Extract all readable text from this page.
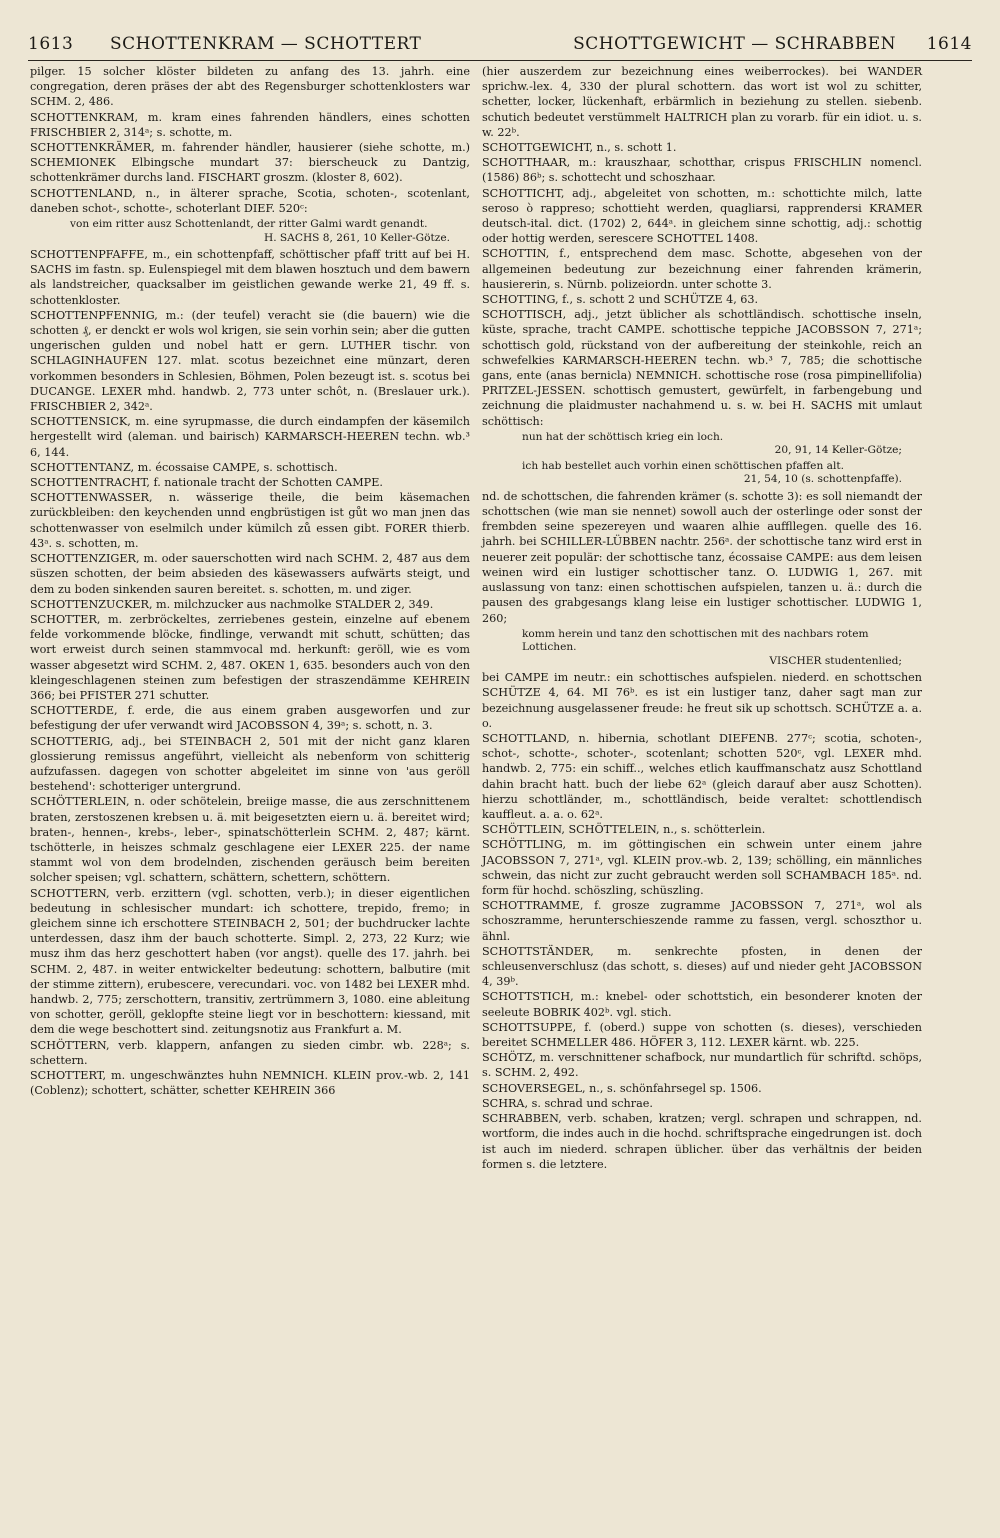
1613 SCHOTTENKRAM — SCHOTTERT	SCHOTTGEWICHT — SCHRABBEN 1614

pilger. 15 solcher klöster bildeten zu anfang des 13. jahrh. eine congregation, deren präses der abt des Regensburger schottenklosters war SCHM. 2, 486.

SCHOTTENKRAM, m. kram eines fahrenden händlers, eines schotten FRISCHBIER 2, 314ᵃ; s. schotte, m.

SCHOTTENKRÄMER, m. fahrender händler, hausierer (siehe schotte, m.) SCHEMIONEK Elbingsche mundart 37: bierscheuck zu Dantzig, schottenkrämer durchs land. FISCHART groszm. (kloster 8, 602).

SCHOTTENLAND, n., in älterer sprache, Scotia, schoten-, scotenlant, daneben schot-, schotte-, schoterlant DIEF. 520ᶜ:

von eim ritter ausz Schottenlandt, der ritter Galmi wardt genandt.
H. SACHS 8, 261, 10 Keller-Götze.

SCHOTTENPFAFFE, m., ein schottenpfaff, schöttischer pfaff tritt auf bei H. SACHS im fastn. sp. Eulenspiegel mit dem blawen hosztuch und dem bawern als landstreicher, quacksalber im geistlichen gewande werke 21, 49 ff. s. schottenkloster.

SCHOTTENPFENNIG, m.: (der teufel) veracht sie (die bauern) wie die schotten ₰, er denckt er wols wol krigen, sie sein vorhin sein; aber die gutten ungerischen gulden und nobel hatt er gern. LUTHER tischr. von SCHLAGINHAUFEN 127. mlat. scotus bezeichnet eine münzart, deren vorkommen besonders in Schlesien, Böhmen, Polen bezeugt ist. s. scotus bei DUCANGE. LEXER mhd. handwb. 2, 773 unter schôt, n. (Breslauer urk.). FRISCHBIER 2, 342ᵃ.

SCHOTTENSICK, m. eine syrupmasse, die durch eindampfen der käsemilch hergestellt wird (aleman. und bairisch) KARMARSCH-HEEREN techn. wb.³ 6, 144.

SCHOTTENTANZ, m. écossaise CAMPE, s. schottisch.

SCHOTTENTRACHT, f. nationale tracht der Schotten CAMPE.

SCHOTTENWASSER, n. wässerige theile, die beim käsemachen zurückbleiben: den keychenden unnd engbrüstigen ist gůt wo man jnen das schottenwasser von eselmilch under kümilch zů essen gibt. FORER thierb. 43ᵃ. s. schotten, m.

SCHOTTENZIGER, m. oder sauerschotten wird nach SCHM. 2, 487 aus dem süszen schotten, der beim absieden des käsewassers aufwärts steigt, und dem zu boden sinkenden sauren bereitet. s. schotten, m. und ziger.

SCHOTTENZUCKER, m. milchzucker aus nachmolke STALDER 2, 349.

SCHOTTER, m. zerbröckeltes, zerriebenes gestein, einzelne auf ebenem felde vorkommende blöcke, findlinge, verwandt mit schutt, schütten; das wort erweist durch seinen stammvocal md. herkunft: geröll, wie es vom wasser abgesetzt wird SCHM. 2, 487. OKEN 1, 635. besonders auch von den kleingeschlagenen steinen zum befestigen der straszendämme KEHREIN 366; bei PFISTER 271 schutter.

SCHOTTERDE, f. erde, die aus einem graben ausgeworfen und zur befestigung der ufer verwandt wird JACOBSSON 4, 39ᵃ; s. schott, n. 3.

SCHOTTERIG, adj., bei STEINBACH 2, 501 mit der nicht ganz klaren glossierung remissus angeführt, vielleicht als nebenform von schitterig aufzufassen. dagegen von schotter abgeleitet im sinne von 'aus geröll bestehend': schotteriger untergrund.

SCHÖTTERLEIN, n. oder schötelein, breiige masse, die aus zerschnittenem braten, zerstoszenen krebsen u. ä. mit beigesetzten eiern u. ä. bereitet wird; braten-, hennen-, krebs-, leber-, spinatschötterlein SCHM. 2, 487; kärnt. tschötterle, in heiszes schmalz geschlagene eier LEXER 225. der name stammt wol von dem brodelnden, zischenden geräusch beim bereiten solcher speisen; vgl. schattern, schättern, schettern, schöttern.

SCHOTTERN, verb. erzittern (vgl. schotten, verb.); in dieser eigentlichen bedeutung in schlesischer mundart: ich schottere, trepido, fremo; in gleichem sinne ich erschottere STEINBACH 2, 501; der buchdrucker lachte unterdessen, dasz ihm der bauch schotterte. Simpl. 2, 273, 22 Kurz; wie musz ihm das herz geschottert haben (vor angst). quelle des 17. jahrh. bei SCHM. 2, 487. in weiter entwickelter bedeutung: schottern, balbutire (mit der stimme zittern), erubescere, verecundari. voc. von 1482 bei LEXER mhd. handwb. 2, 775; zerschottern, transitiv, zertrümmern 3, 1080. eine ableitung von schotter, geröll, geklopfte steine liegt vor in beschottern: kiessand, mit dem die wege beschottert sind. zeitungsnotiz aus Frankfurt a. M.

SCHÖTTERN, verb. klappern, anfangen zu sieden cimbr. wb. 228ᵃ; s. schettern.

SCHOTTERT, m. ungeschwänztes huhn NEMNICH. KLEIN prov.-wb. 2, 141 (Coblenz); schottert, schätter, schetter KEHREIN 366

(hier auszerdem zur bezeichnung eines weiberrockes). bei WANDER sprichw.-lex. 4, 330 der plural schottern. das wort ist wol zu schitter, schetter, locker, lückenhaft, erbärmlich in beziehung zu stellen. siebenb. schutich bedeutet verstümmelt HALTRICH plan zu vorarb. für ein idiot. u. s. w. 22ᵇ.

SCHOTTGEWICHT, n., s. schott 1.

SCHOTTHAAR, m.: krauszhaar, schotthar, crispus FRISCHLIN nomencl. (1586) 86ᵇ; s. schottecht und schoszhaar.

SCHOTTICHT, adj., abgeleitet von schotten, m.: schottichte milch, latte seroso ò rappreso; schottieht werden, quagliarsi, rapprendersi KRAMER deutsch-ital. dict. (1702) 2, 644ᵃ. in gleichem sinne schottig, adj.: schottig oder hottig werden, serescere SCHOTTEL 1408.

SCHOTTIN, f., entsprechend dem masc. Schotte, abgesehen von der allgemeinen bedeutung zur bezeichnung einer fahrenden krämerin, hausiererin, s. Nürnb. polizeiordn. unter schotte 3.

SCHOTTING, f., s. schott 2 und SCHÜTZE 4, 63.

SCHOTTISCH, adj., jetzt üblicher als schottländisch. schottische inseln, küste, sprache, tracht CAMPE. schottische teppiche JACOBSSON 7, 271ᵃ; schottisch gold, rückstand von der aufbereitung der steinkohle, reich an schwefelkies KARMARSCH-HEEREN techn. wb.³ 7, 785; die schottische gans, ente (anas bernicla) NEMNICH. schottische rose (rosa pimpinellifolia) PRITZEL-JESSEN. schottisch gemustert, gewürfelt, in farbengebung und zeichnung die plaidmuster nachahmend u. s. w. bei H. SACHS mit umlaut schöttisch:

nun hat der schöttisch krieg ein loch.
20, 91, 14 Keller-Götze;
ich hab bestellet auch vorhin einen schöttischen pfaffen alt.
21, 54, 10 (s. schottenpfaffe).

nd. de schottschen, die fahrenden krämer (s. schotte 3): es soll niemandt der schottschen (wie man sie nennet) sowoll auch der osterlinge oder sonst der frembden seine spezereyen und waaren alhie auffllegen. quelle des 16. jahrh. bei SCHILLER-LÜBBEN nachtr. 256ᵃ. der schottische tanz wird erst in neuerer zeit populär: der schottische tanz, écossaise CAMPE: aus dem leisen weinen wird ein lustiger schottischer tanz. O. LUDWIG 1, 267. mit auslassung von tanz: einen schottischen aufspielen, tanzen u. ä.: durch die pausen des grabgesangs klang leise ein lustiger schottischer. LUDWIG 1, 260;

komm herein und tanz den schottischen mit des nachbars rotem Lottichen.
VISCHER studentenlied;

bei CAMPE im neutr.: ein schottisches aufspielen. niederd. en schottschen SCHÜTZE 4, 64. MI 76ᵇ. es ist ein lustiger tanz, daher sagt man zur bezeichnung ausgelassener freude: he freut sik up schottsch. SCHÜTZE a. a. o.

SCHOTTLAND, n. hibernia, schotlant DIEFENB. 277ᶜ; scotia, schoten-, schot-, schotte-, schoter-, scotenlant; schotten 520ᶜ, vgl. LEXER mhd. handwb. 2, 775: ein schiff.., welches etlich kauffmanschatz ausz Schottland dahin bracht hatt. buch der liebe 62ᵃ (gleich darauf aber ausz Schotten). hierzu schottländer, m., schottländisch, beide veraltet: schottlendisch kauffleut. a. a. o. 62ᵃ.

SCHÖTTLEIN, SCHÖTTELEIN, n., s. schötterlein.

SCHÖTTLING, m. im göttingischen ein schwein unter einem jahre JACOBSSON 7, 271ᵃ, vgl. KLEIN prov.-wb. 2, 139; schölling, ein männliches schwein, das nicht zur zucht gebraucht werden soll SCHAMBACH 185ᵃ. nd. form für hochd. schöszling, schüszling.

SCHOTTRAMME, f. grosze zugramme JACOBSSON 7, 271ᵃ, wol als schoszramme, herunterschieszende ramme zu fassen, vergl. schoszthor u. ähnl.

SCHOTTSTÄNDER, m. senkrechte pfosten, in denen der schleusenverschlusz (das schott, s. dieses) auf und nieder geht JACOBSSON 4, 39ᵇ.

SCHOTTSTICH, m.: knebel- oder schottstich, ein besonderer knoten der seeleute BOBRIK 402ᵇ. vgl. stich.

SCHOTTSUPPE, f. (oberd.) suppe von schotten (s. dieses), verschieden bereitet SCHMELLER 486. HÖFER 3, 112. LEXER kärnt. wb. 225.

SCHÖTZ, m. verschnittener schafbock, nur mundartlich für schriftd. schöps, s. SCHM. 2, 492.

SCHOVERSEGEL, n., s. schönfahrsegel sp. 1506.

SCHRA, s. schrad und schrae.

SCHRABBEN, verb. schaben, kratzen; vergl. schrapen und schrappen, nd. wortform, die indes auch in die hochd. schriftsprache eingedrungen ist. doch ist auch im niederd. schrapen üblicher. über das verhältnis der beiden formen s. die letztere.
